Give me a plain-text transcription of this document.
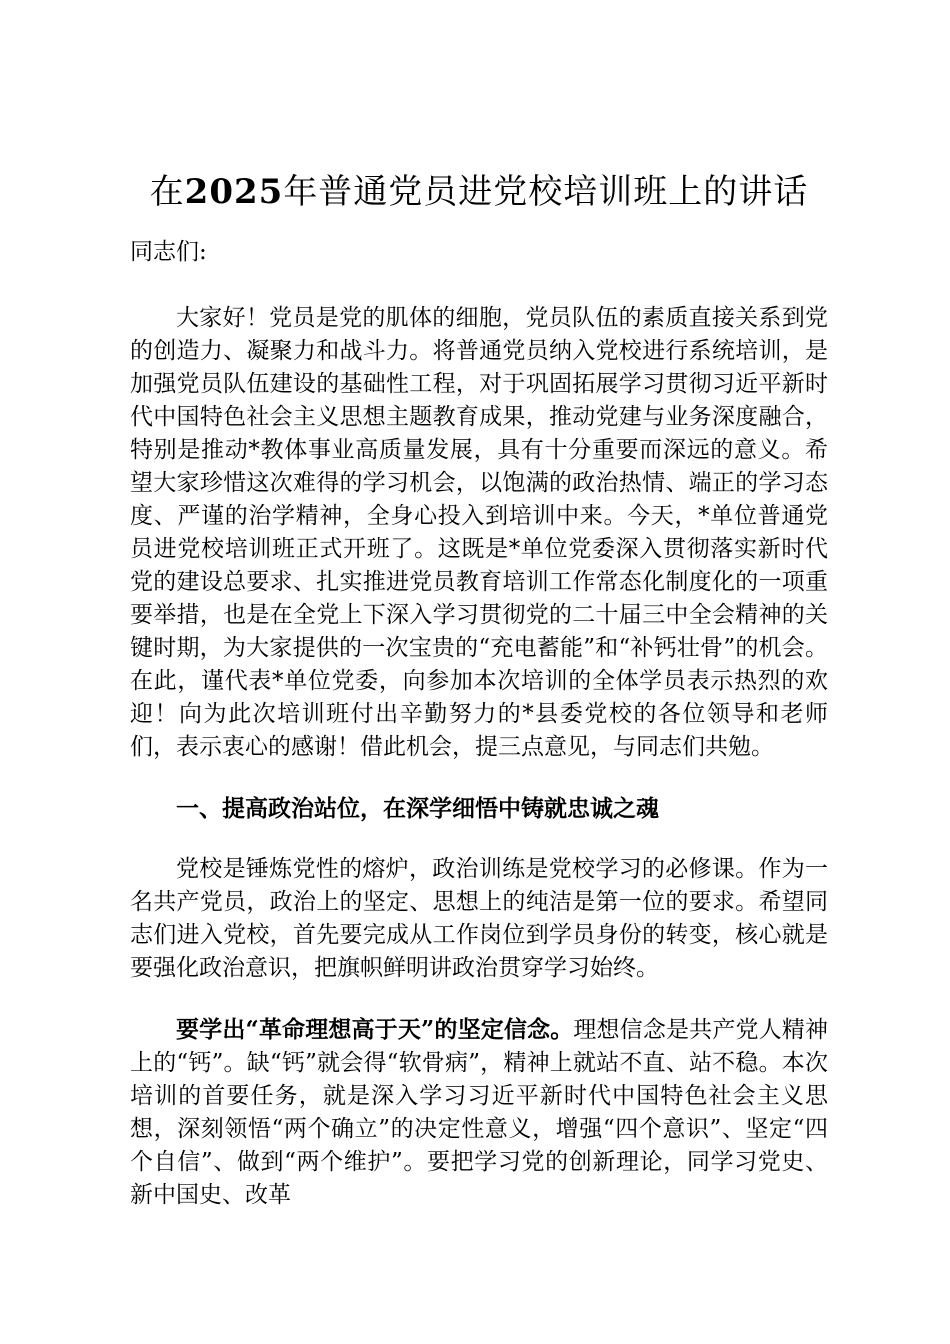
在2025年普通党员进党校培训班上的讲话
同志们:

大家好！党员是党的肌体的细胞，党员队伍的素质直接关系到党的创造力、凝聚力和战斗力。将普通党员纳入党校进行系统培训，是加强党员队伍建设的基础性工程，对于巩固拓展学习贯彻习近平新时代中国特色社会主义思想主题教育成果，推动党建与业务深度融合，特别是推动*教体事业高质量发展，具有十分重要而深远的意义。希望大家珍惜这次难得的学习机会，以饱满的政治热情、端正的学习态度、严谨的治学精神，全身心投入到培训中来。今天，*单位普通党员进党校培训班正式开班了。这既是*单位党委深入贯彻落实新时代党的建设总要求、扎实推进党员教育培训工作常态化制度化的一项重要举措，也是在全党上下深入学习贯彻党的二十届三中全会精神的关键时期，为大家提供的一次宝贵的“充电蓄能”和“补钙壮骨”的机会。在此，谨代表*单位党委，向参加本次培训的全体学员表示热烈的欢迎！向为此次培训班付出辛勤努力的*县委党校的各位领导和老师们，表示衷心的感谢！借此机会，提三点意见，与同志们共勉。

一、提高政治站位，在深学细悟中铸就忠诚之魂

党校是锤炼党性的熔炉，政治训练是党校学习的必修课。作为一名共产党员，政治上的坚定、思想上的纯洁是第一位的要求。希望同志们进入党校，首先要完成从工作岗位到学员身份的转变，核心就是要强化政治意识，把旗帜鲜明讲政治贯穿学习始终。

要学出“革命理想高于天”的坚定信念。理想信念是共产党人精神上的“钙”。缺“钙”就会得“软骨病”，精神上就站不直、站不稳。本次培训的首要任务，就是深入学习习近平新时代中国特色社会主义思想，深刻领悟“两个确立”的决定性意义，增强“四个意识”、坚定“四个自信”、做到“两个维护”。要把学习党的创新理论，同学习党史、新中国史、改革
